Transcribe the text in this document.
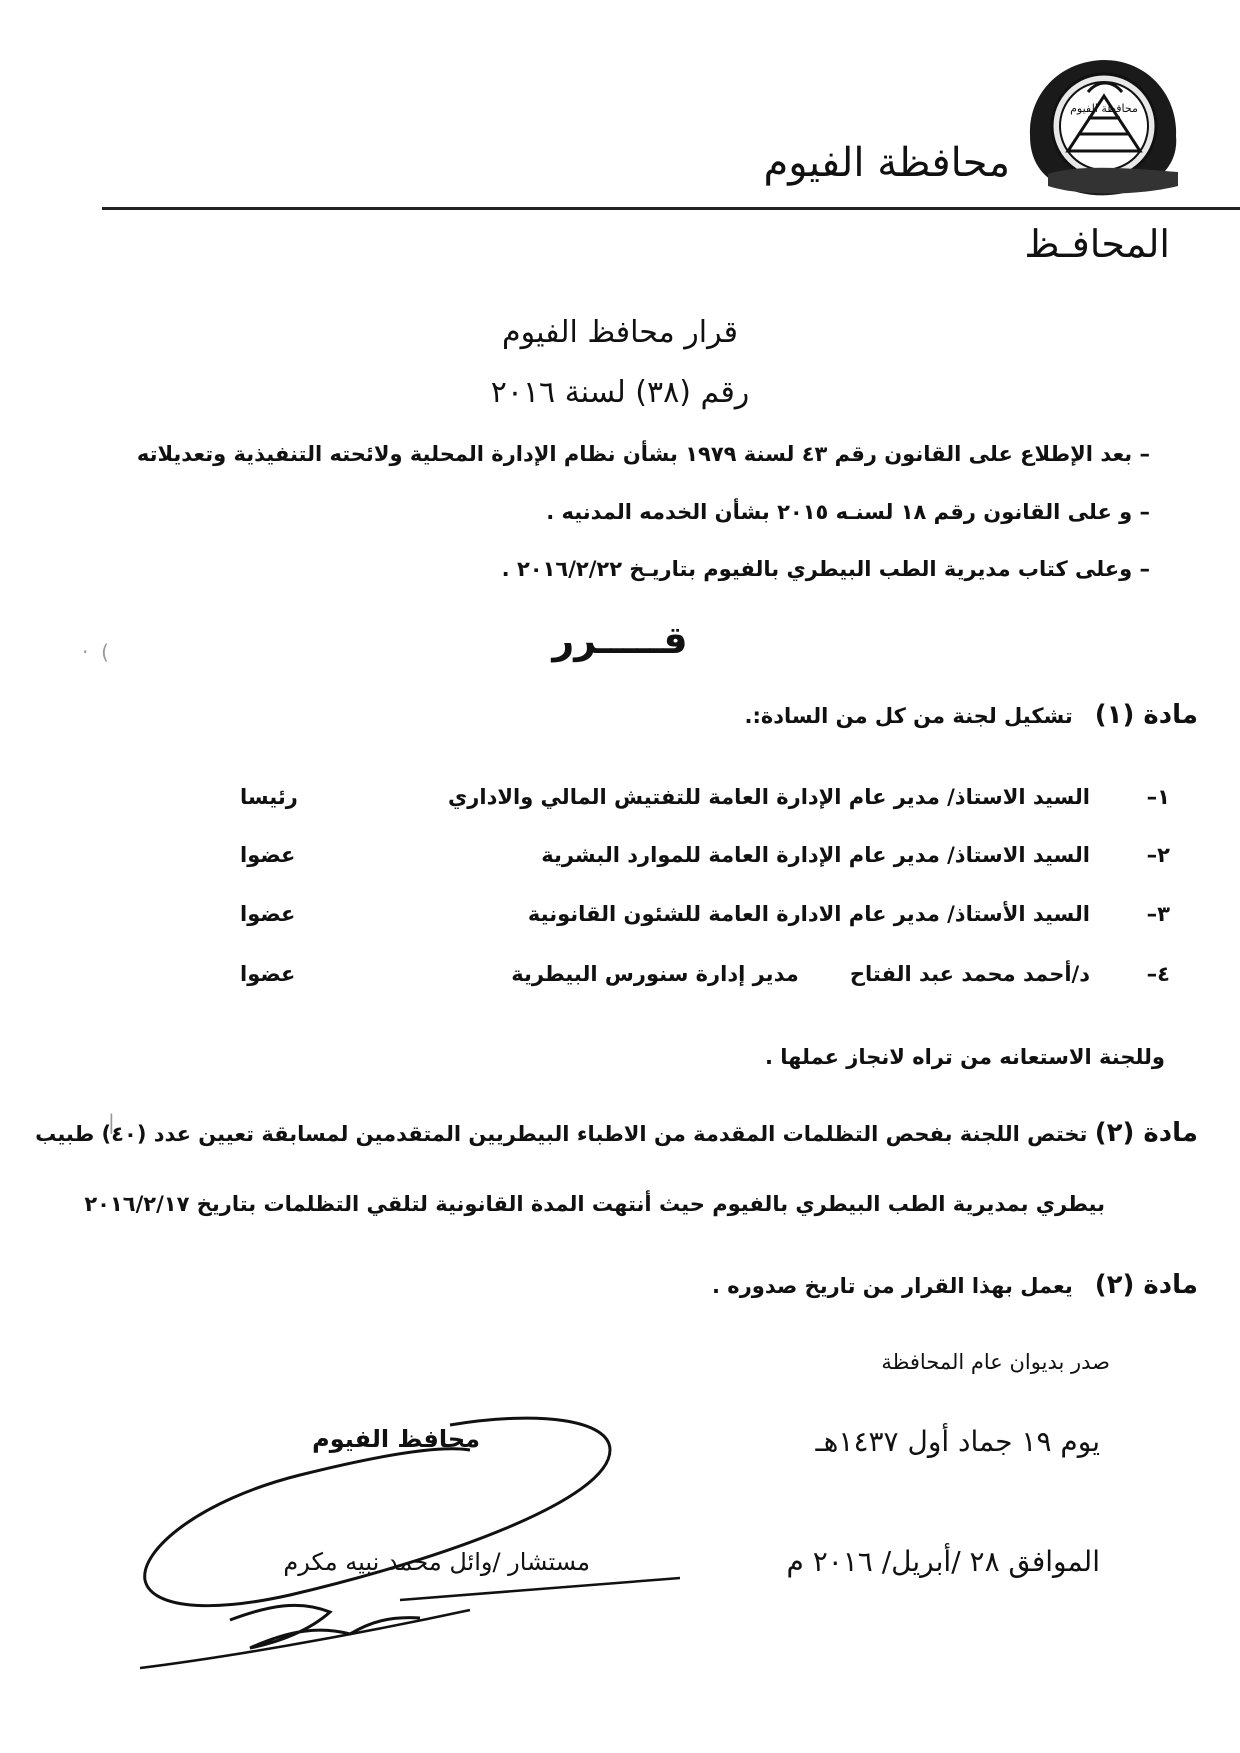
محافظة الفيوم
محافظة الفيوم
المحافـظ
قرار محافظ الفيوم
رقم (٣٨) لسنة ٢٠١٦
– بعد الإطلاع على القانون رقم ٤٣ لسنة ١٩٧٩ بشأن نظام الإدارة المحلية ولائحته التنفيذية وتعديلاته
– و على القانون رقم ١٨ لسنـه ٢٠١٥ بشأن الخدمه المدنيه .
– وعلى كتاب مديرية الطب البيطري بالفيوم بتاريـخ ٢٠١٦/٢/٢٢ .
قـــــرر
مادة (١)   تشكيل لجنة من كل من السادة:.
١–
السيد الاستاذ/ مدير عام الإدارة العامة للتفتيش المالي والاداري
رئيسا
٢–
السيد الاستاذ/ مدير عام الإدارة العامة للموارد البشرية
عضوا
٣–
السيد الأستاذ/ مدير عام الادارة العامة للشئون القانونية
عضوا
٤–
د/أحمد محمد عبد الفتاح       مدير إدارة سنورس البيطرية
عضوا
وللجنة الاستعانه من تراه لانجاز عملها .
مادة (٢) تختص اللجنة بفحص التظلمات المقدمة من الاطباء البيطريين المتقدمين لمسابقة تعيين عدد (٤٠) طبيب
بيطري بمديرية الطب البيطري بالفيوم حيث أنتهت المدة القانونية لتلقي التظلمات بتاريخ ٢٠١٦/٢/١٧
مادة (٢)   يعمل بهذا القرار من تاريخ صدوره .
صدر بديوان عام المحافظة
يوم ١٩ جماد أول ١٤٣٧هـ
الموافق ٢٨ /أبريل/ ٢٠١٦ م
محافظ الفيوم
مستشار /وائل محمد نبيه مكرم
·  (
|
